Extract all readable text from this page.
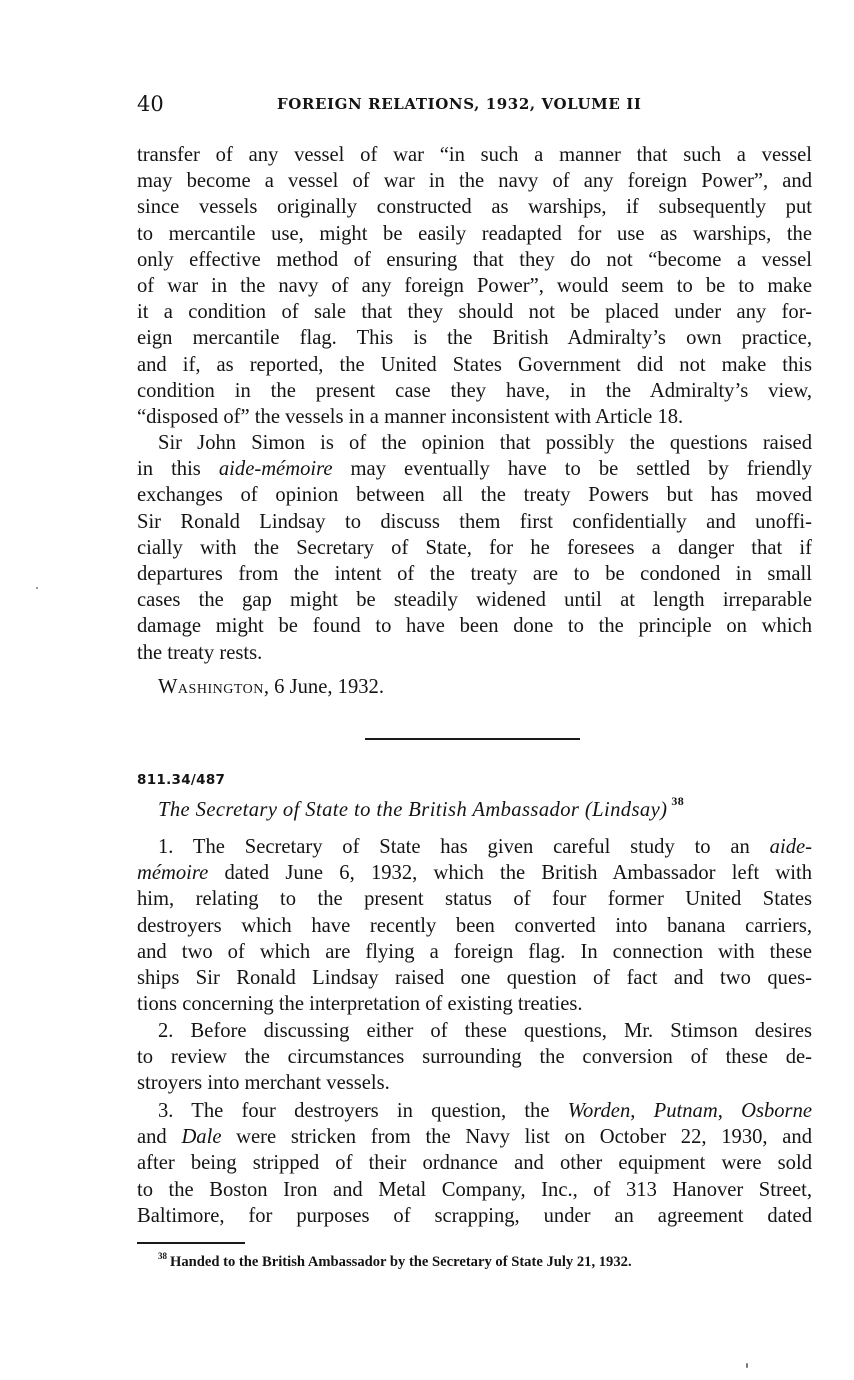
40	FOREIGN RELATIONS, 1932, VOLUME II
transfer of any vessel of war “in such a manner that such a vessel
may become a vessel of war in the navy of any foreign Power”, and
since vessels originally constructed as warships, if subsequently put
to mercantile use, might be easily readapted for use as warships, the
only effective method of ensuring that they do not “become a vessel
of war in the navy of any foreign Power”, would seem to be to make
it a condition of sale that they should not be placed under any for-
eign mercantile flag. This is the British Admiralty’s own practice,
and if, as reported, the United States Government did not make this
condition in the present case they have, in the Admiralty’s view,
“disposed of” the vessels in a manner inconsistent with Article 18.
Sir John Simon is of the opinion that possibly the questions raised
in this aide-mémoire may eventually have to be settled by friendly
exchanges of opinion between all the treaty Powers but has moved
Sir Ronald Lindsay to discuss them first confidentially and unoffi-
cially with the Secretary of State, for he foresees a danger that if
departures from the intent of the treaty are to be condoned in small
cases the gap might be steadily widened until at length irreparable
damage might be found to have been done to the principle on which
the treaty rests.
Washington, 6 June, 1932.
811.34/487
The Secretary of State to the British Ambassador (Lindsay) $^{38}$
1. The Secretary of State has given careful study to an aide-
mémoire dated June 6, 1932, which the British Ambassador left with
him, relating to the present status of four former United States
destroyers which have recently been converted into banana carriers,
and two of which are flying a foreign flag. In connection with these
ships Sir Ronald Lindsay raised one question of fact and two ques-
tions concerning the interpretation of existing treaties.
2. Before discussing either of these questions, Mr. Stimson desires
to review the circumstances surrounding the conversion of these de-
stroyers into merchant vessels.
3. The four destroyers in question, the Worden, Putnam, Osborne
and Dale were stricken from the Navy list on October 22, 1930, and
after being stripped of their ordnance and other equipment were sold
to the Boston Iron and Metal Company, Inc., of 313 Hanover Street,
Baltimore, for purposes of scrapping, under an agreement dated
$^{38}$ Handed to the British Ambassador by the Secretary of State July 21, 1932.
